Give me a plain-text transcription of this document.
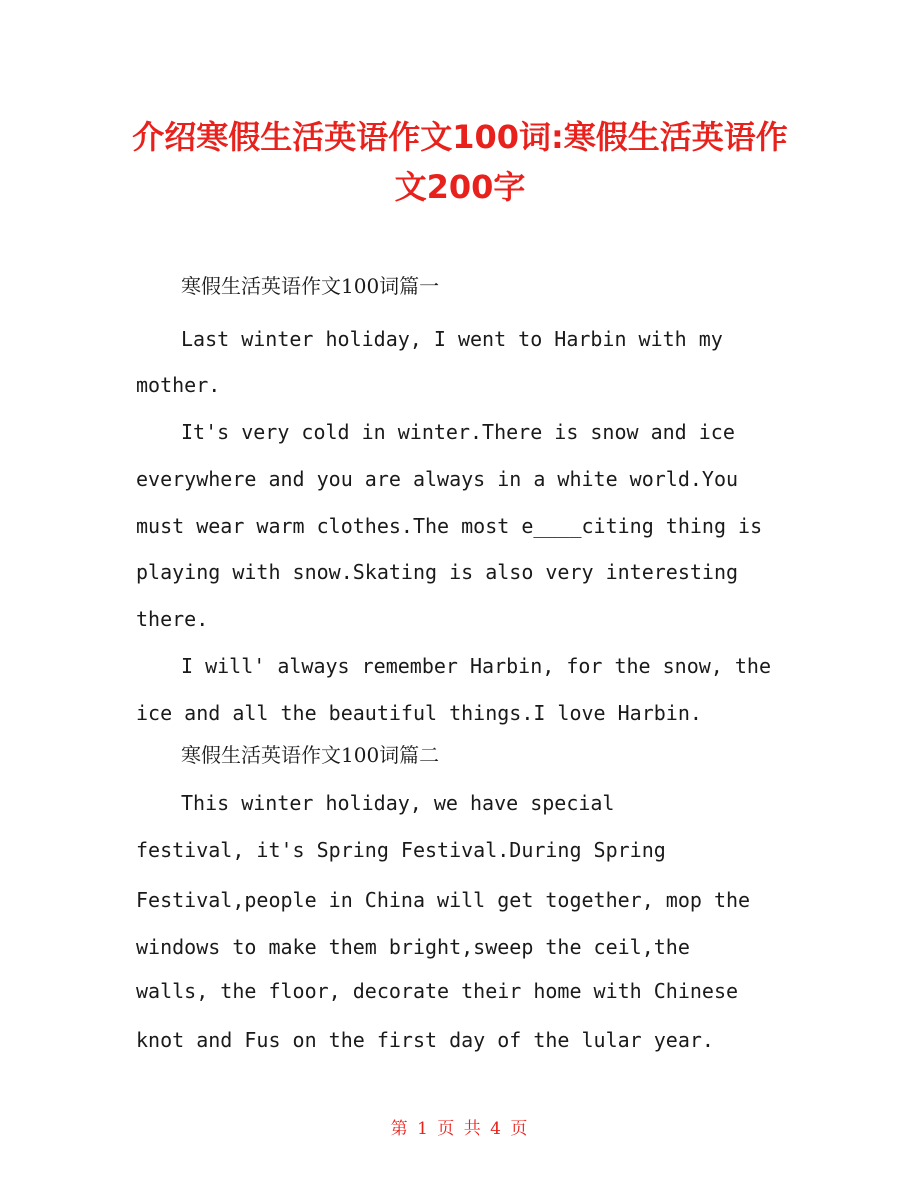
介绍寒假生活英语作文100词:寒假生活英语作文200字
寒假生活英语作文100词篇一
Last winter holiday, I went to Harbin with my
mother.
It's very cold in winter.There is snow and ice
everywhere and you are always in a white world.You
must wear warm clothes.The most e____citing thing is
playing with snow.Skating is also very interesting
there.
I will' always remember Harbin, for the snow, the
ice and all the beautiful things.I love Harbin.
寒假生活英语作文100词篇二
This winter holiday, we have special
festival, it's Spring Festival.During Spring
Festival,people in China will get together, mop the
windows to make them bright,sweep the ceil,the
walls, the floor, decorate their home with Chinese
knot and Fus on the first day of the lular year.
第 1 页 共 4 页
